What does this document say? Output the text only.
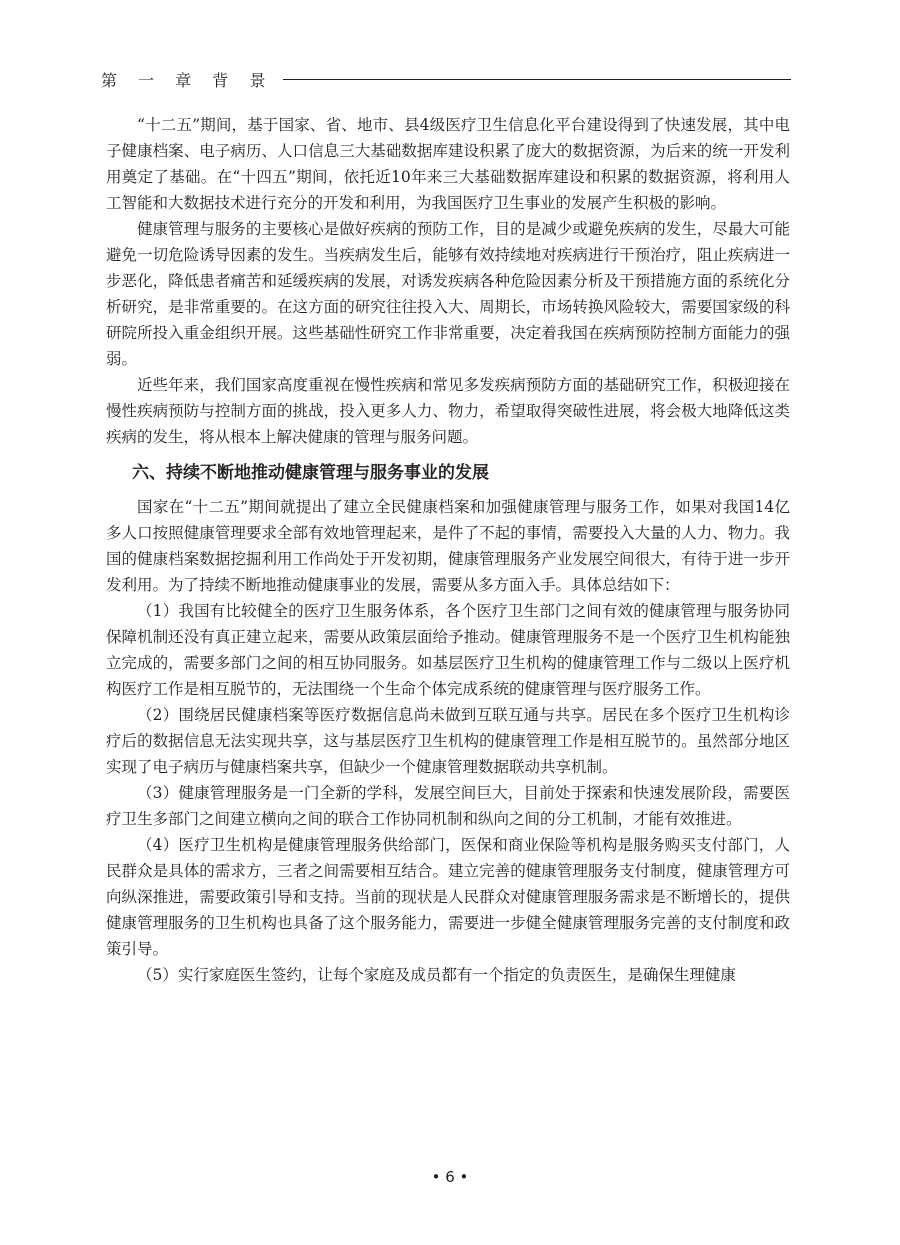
第 一 章 背 景

“十二五”期间，基于国家、省、地市、县4级医疗卫生信息化平台建设得到了快速发展，其中电子健康档案、电子病历、人口信息三大基础数据库建设积累了庞大的数据资源，为后来的统一开发利用奠定了基础。在“十四五”期间，依托近10年来三大基础数据库建设和积累的数据资源，将利用人工智能和大数据技术进行充分的开发和利用，为我国医疗卫生事业的发展产生积极的影响。

健康管理与服务的主要核心是做好疾病的预防工作，目的是减少或避免疾病的发生，尽最大可能避免一切危险诱导因素的发生。当疾病发生后，能够有效持续地对疾病进行干预治疗，阻止疾病进一步恶化，降低患者痛苦和延缓疾病的发展，对诱发疾病各种危险因素分析及干预措施方面的系统化分析研究，是非常重要的。在这方面的研究往往投入大、周期长，市场转换风险较大，需要国家级的科研院所投入重金组织开展。这些基础性研究工作非常重要，决定着我国在疾病预防控制方面能力的强弱。

近些年来，我们国家高度重视在慢性疾病和常见多发疾病预防方面的基础研究工作，积极迎接在慢性疾病预防与控制方面的挑战，投入更多人力、物力，希望取得突破性进展，将会极大地降低这类疾病的发生，将从根本上解决健康的管理与服务问题。

六、持续不断地推动健康管理与服务事业的发展

国家在“十二五”期间就提出了建立全民健康档案和加强健康管理与服务工作，如果对我国14亿多人口按照健康管理要求全部有效地管理起来，是件了不起的事情，需要投入大量的人力、物力。我国的健康档案数据挖掘利用工作尚处于开发初期，健康管理服务产业发展空间很大，有待于进一步开发利用。为了持续不断地推动健康事业的发展，需要从多方面入手。具体总结如下：

（1）我国有比较健全的医疗卫生服务体系，各个医疗卫生部门之间有效的健康管理与服务协同保障机制还没有真正建立起来，需要从政策层面给予推动。健康管理服务不是一个医疗卫生机构能独立完成的，需要多部门之间的相互协同服务。如基层医疗卫生机构的健康管理工作与二级以上医疗机构医疗工作是相互脱节的，无法围绕一个生命个体完成系统的健康管理与医疗服务工作。

（2）围绕居民健康档案等医疗数据信息尚未做到互联互通与共享。居民在多个医疗卫生机构诊疗后的数据信息无法实现共享，这与基层医疗卫生机构的健康管理工作是相互脱节的。虽然部分地区实现了电子病历与健康档案共享，但缺少一个健康管理数据联动共享机制。

（3）健康管理服务是一门全新的学科，发展空间巨大，目前处于探索和快速发展阶段，需要医疗卫生多部门之间建立横向之间的联合工作协同机制和纵向之间的分工机制，才能有效推进。

（4）医疗卫生机构是健康管理服务供给部门，医保和商业保险等机构是服务购买支付部门，人民群众是具体的需求方，三者之间需要相互结合。建立完善的健康管理服务支付制度，健康管理方可向纵深推进，需要政策引导和支持。当前的现状是人民群众对健康管理服务需求是不断增长的，提供健康管理服务的卫生机构也具备了这个服务能力，需要进一步健全健康管理服务完善的支付制度和政策引导。

（5）实行家庭医生签约，让每个家庭及成员都有一个指定的负责医生，是确保生理健康

• 6 •
